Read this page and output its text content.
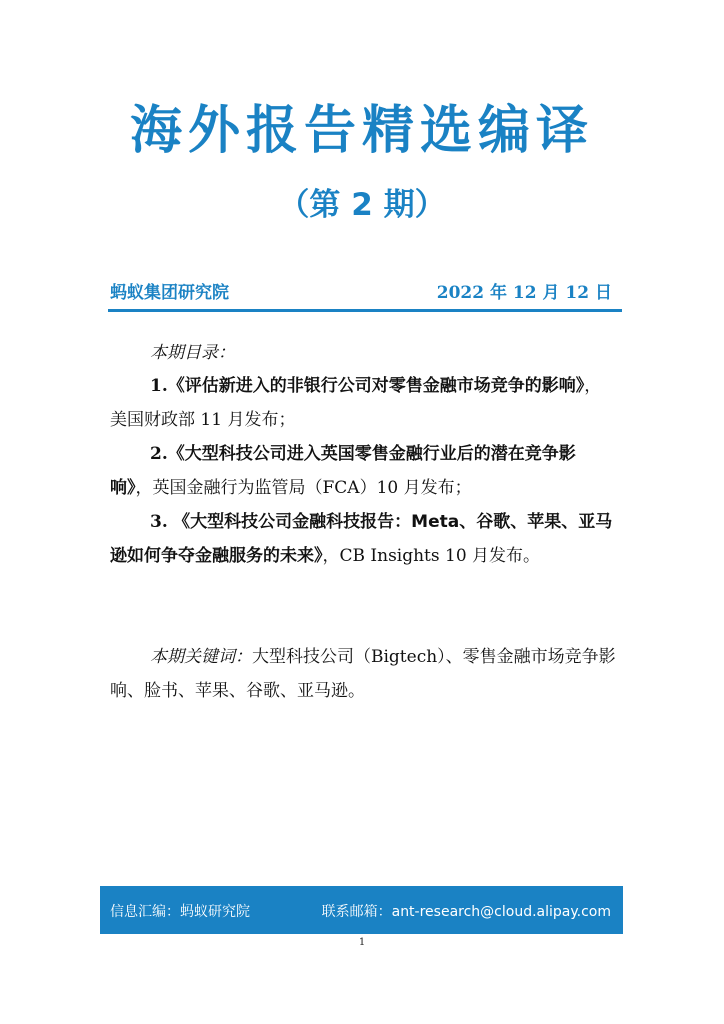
海外报告精选编译
（第 2 期）
蚂蚁集团研究院	2022 年 12 月 12 日
本期目录：
1.《评估新进入的非银行公司对零售金融市场竞争的影响》，美国财政部 11 月发布；
2.《大型科技公司进入英国零售金融行业后的潜在竞争影响》，英国金融行为监管局（FCA）10 月发布；
3. 《大型科技公司金融科技报告：Meta、谷歌、苹果、亚马逊如何争夺金融服务的未来》，CB Insights 10 月发布。
本期关键词：大型科技公司（Bigtech）、零售金融市场竞争影响、脸书、苹果、谷歌、亚马逊。
信息汇编：蚂蚁研究院	联系邮箱：ant-research@cloud.alipay.com
1
